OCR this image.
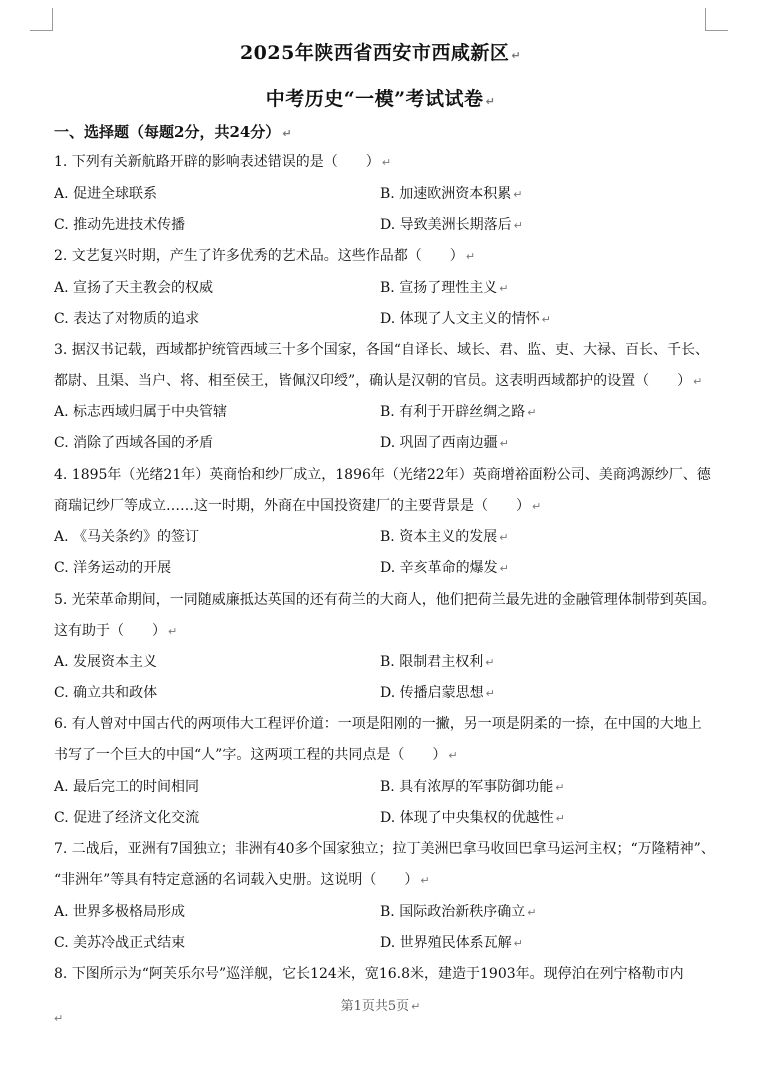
2025年陕西省西安市西咸新区 ↵
中考历史“一模”考试试卷 ↵
一、选择题（每题2分，共24分） ↵
1. 下列有关新航路开辟的影响表述错误的是（　　） ↵
A. 促进全球联系	B. 加速欧洲资本积累 ↵
C. 推动先进技术传播	D. 导致美洲长期落后 ↵
2. 文艺复兴时期，产生了许多优秀的艺术品。这些作品都（　　） ↵
A. 宣扬了天主教会的权威	B. 宣扬了理性主义 ↵
C. 表达了对物质的追求	D. 体现了人文主义的情怀 ↵
3. 据汉书记载，西域都护统管西域三十多个国家，各国“自译长、域长、君、监、吏、大禄、百长、千长、
都尉、且渠、当户、将、相至侯王，皆佩汉印绶”，确认是汉朝的官员。这表明西域都护的设置（　　） ↵
A. 标志西域归属于中央管辖	B. 有利于开辟丝绸之路 ↵
C. 消除了西域各国的矛盾	D. 巩固了西南边疆 ↵
4. 1895年（光绪21年）英商怡和纱厂成立，1896年（光绪22年）英商增裕面粉公司、美商鸿源纱厂、德
商瑞记纱厂等成立……这一时期，外商在中国投资建厂的主要背景是（　　） ↵
A. 《马关条约》的签订	B. 资本主义的发展 ↵
C. 洋务运动的开展	D. 辛亥革命的爆发 ↵
5. 光荣革命期间，一同随威廉抵达英国的还有荷兰的大商人，他们把荷兰最先进的金融管理体制带到英国。
这有助于（　　） ↵
A. 发展资本主义	B. 限制君主权利 ↵
C. 确立共和政体	D. 传播启蒙思想 ↵
6. 有人曾对中国古代的两项伟大工程评价道：一项是阳刚的一撇，另一项是阴柔的一捺，在中国的大地上
书写了一个巨大的中国“人”字。这两项工程的共同点是（　　） ↵
A. 最后完工的时间相同	B. 具有浓厚的军事防御功能 ↵
C. 促进了经济文化交流	D. 体现了中央集权的优越性 ↵
7. 二战后，亚洲有7国独立；非洲有40多个国家独立；拉丁美洲巴拿马收回巴拿马运河主权；“万隆精神”、
“非洲年”等具有特定意涵的名词载入史册。这说明（　　） ↵
A. 世界多极格局形成	B. 国际政治新秩序确立 ↵
C. 美苏冷战正式结束	D. 世界殖民体系瓦解 ↵
8. 下图所示为“阿芙乐尔号”巡洋舰，它长124米，宽16.8米，建造于1903年。现停泊在列宁格勒市内
第1页共5页 ↵
↵
